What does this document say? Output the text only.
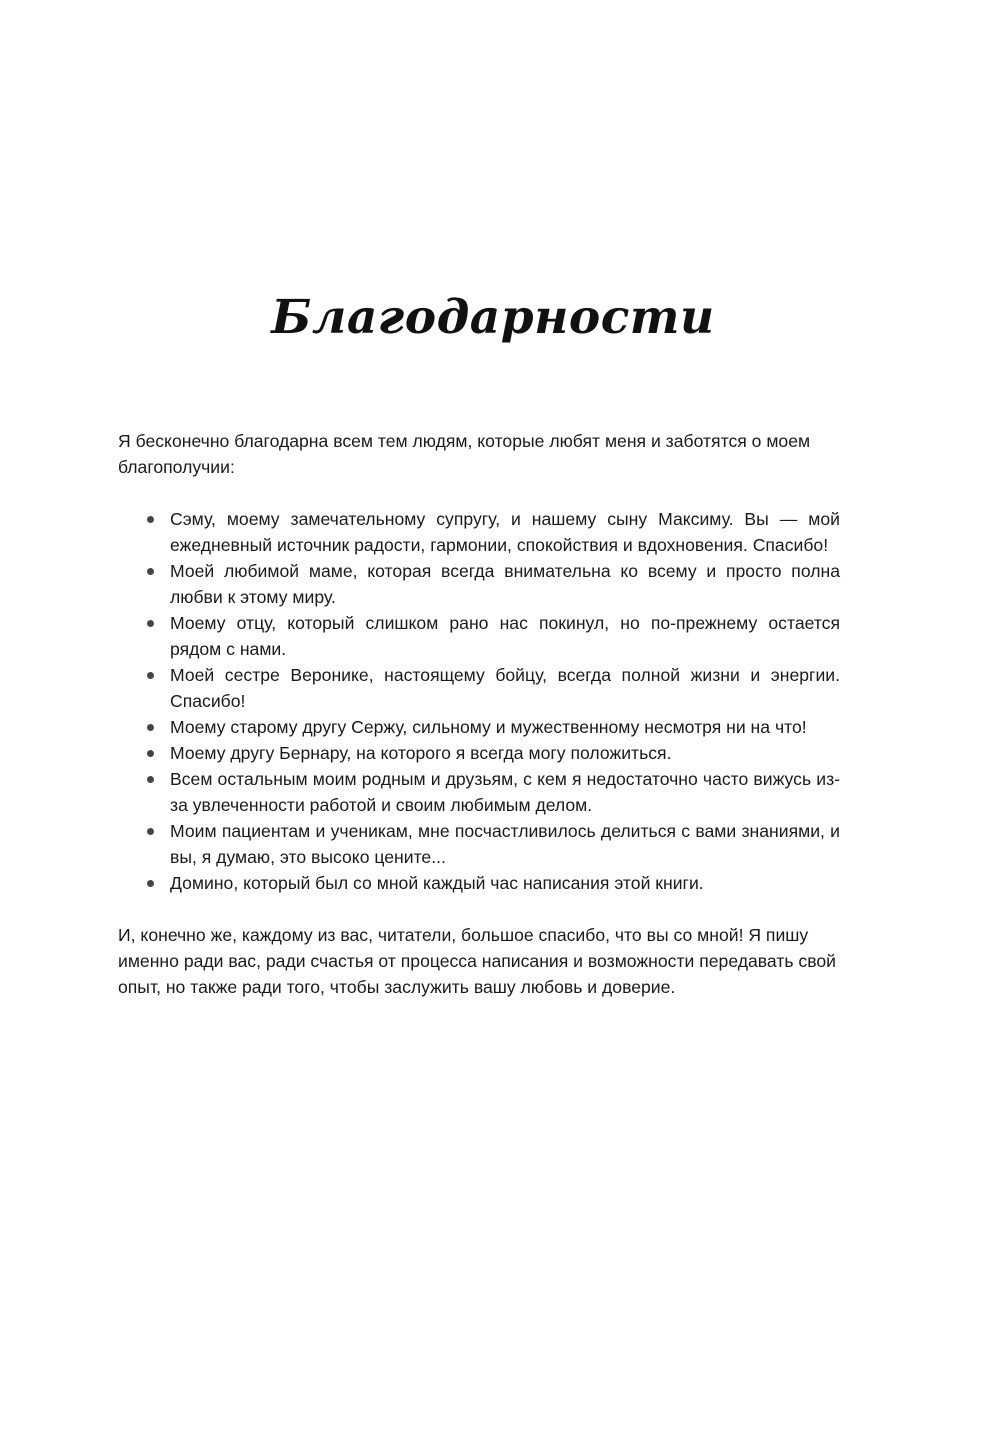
Благодарности

Я бесконечно благодарна всем тем людям, которые любят меня и заботятся о моем благополучии:

Сэму, моему замечательному супругу, и нашему сыну Максиму. Вы — мой ежедневный источник радости, гармонии, спокойствия и вдохновения. Спасибо!
Моей любимой маме, которая всегда внимательна ко всему и просто полна любви к этому миру.
Моему отцу, который слишком рано нас покинул, но по-прежнему остается рядом с нами.
Моей сестре Веронике, настоящему бойцу, всегда полной жизни и энергии. Спасибо!
Моему старому другу Сержу, сильному и мужественному несмотря ни на что!
Моему другу Бернару, на которого я всегда могу положиться.
Всем остальным моим родным и друзьям, с кем я недостаточно часто вижусь из-за увлеченности работой и своим любимым делом.
Моим пациентам и ученикам, мне посчастливилось делиться с вами знаниями, и вы, я думаю, это высоко цените...
Домино, который был со мной каждый час написания этой книги.

И, конечно же, каждому из вас, читатели, большое спасибо, что вы со мной! Я пишу именно ради вас, ради счастья от процесса написания и возможности передавать свой опыт, но также ради того, чтобы заслужить вашу любовь и доверие.
